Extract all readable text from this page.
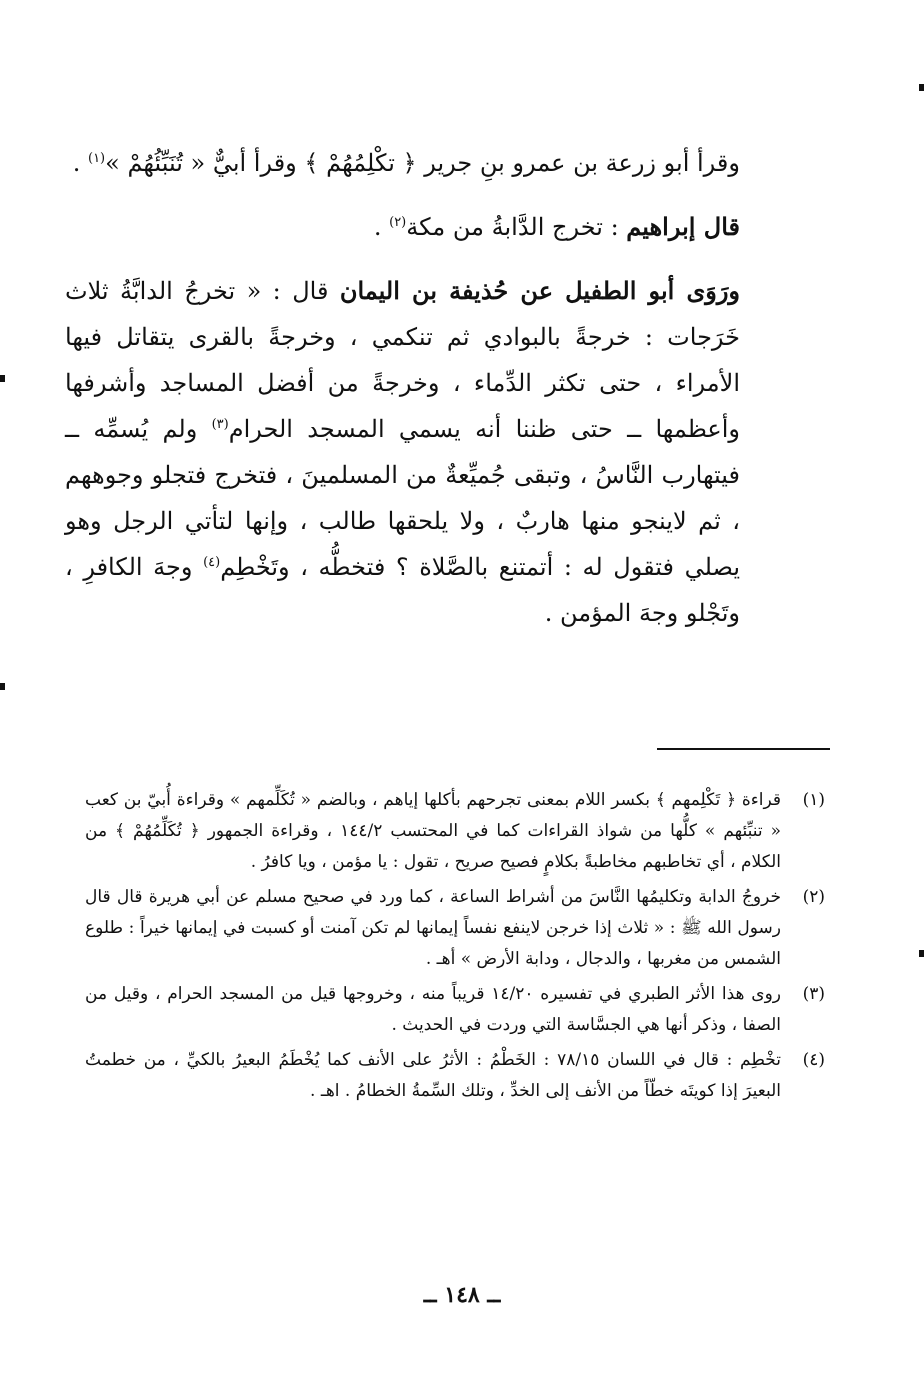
وقرأ أبو زرعة بن عمرو بنِ جرير ﴿ تكْلِمُهُمْ ﴾ وقرأ أبيٌّ « تُنَبِّئُهُمْ »$^{(١)}$ .

قال إبراهيم : تخرج الدَّابةُ من مكة$^{(٢)}$ .

ورَوَى أبو الطفيل عن حُذيفة بن اليمان قال : « تخرجُ الدابَّةُ ثلاث خَرَجات : خرجةً بالبوادي ثم تنكمي ، وخرجةً بالقرى يتقاتل فيها الأمراء ، حتى تكثر الدِّماء ، وخرجةً من أفضل المساجد وأشرفها وأعظمها ــ حتى ظننا أنه يسمي المسجد الحرام$^{(٣)}$ ولم يُسمِّه ــ فيتهارب النَّاسُ ، وتبقى جُميِّعةٌ من المسلمينَ ، فتخرج فتجلو وجوههم ، ثم لاينجو منها هاربٌ ، ولا يلحقها طالب ، وإنها لتأتي الرجل وهو يصلي فتقول له : أتمتنع بالصَّلاة ؟ فتخطُّه ، وتَخْطِم$^{(٤)}$ وجهَ الكافرِ ، وتَجْلو وجهَ المؤمن .

(١)
قراءة ﴿ تَكْلِمهم ﴾ بكسر اللام بمعنى تجرحهم بأكلها إياهم ، وبالضم « تُكَلِّمهم » وقراءة أُبيّ بن كعب « تنبِّئهم » كلُّها من شواذ القراءات كما في المحتسب ١٤٤/٢ ، وقراءة الجمهور ﴿ تُكَلِّمُهُمْ ﴾ من الكلام ، أي تخاطبهم مخاطبةً بكلامٍ فصيح صريح ، تقول : يا مؤمن ، ويا كافرُ .
(٢)
خروجُ الدابة وتكليمُها النَّاسَ من أشراط الساعة ، كما ورد في صحيح مسلم عن أبي هريرة قال قال رسول الله ﷺ : « ثلاث إذا خرجن لاينفع نفساً إيمانها لم تكن آمنت أو كسبت في إيمانها خيراً : طلوع الشمس من مغربها ، والدجال ، ودابة الأرض » أهـ .
(٣)
روى هذا الأثر الطبري في تفسيره ١٤/٢٠ قريباً منه ، وخروجها قيل من المسجد الحرام ، وقيل من الصفا ، وذكر أنها هي الجسَّاسة التي وردت في الحديث .
(٤)
تخْطِم : قال في اللسان ٧٨/١٥ : الخَطْمُ : الأثرُ على الأنف كما يُخْطَمُ البعيرُ بالكيِّ ، من خطمتُ البعيرَ إذا كويتَه خطّاً من الأنف إلى الخدِّ ، وتلك السِّمةُ الخطامُ . اهـ .
ــ ١٤٨ ــ
